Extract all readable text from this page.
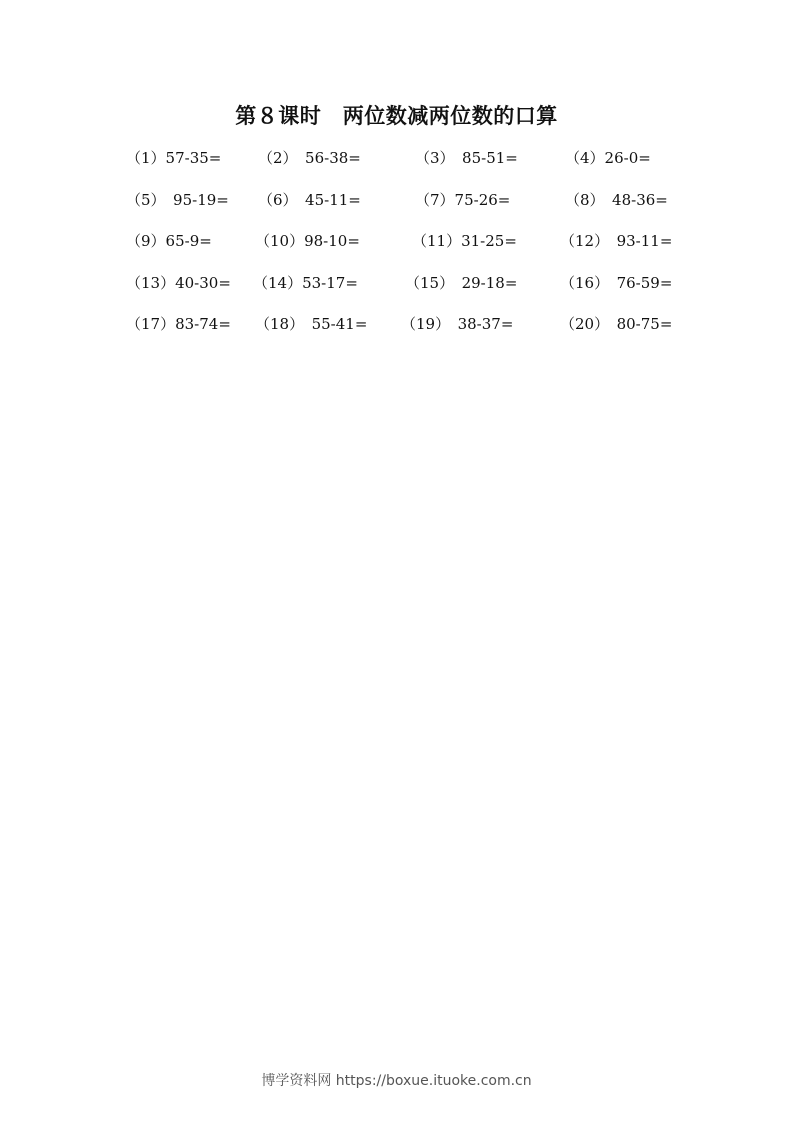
第８课时　两位数减两位数的口算
（1）57-35= （2）　56-38=	（3）　85-51=	（4）26-0=
（5）　95-19= （6）　45-11=	（7）75-26=	（8）　48-36=
（9）65-9=	（10）98-10=	（11）31-25=	（12）　93-11=
（13）40-30= （14）53-17=	（15）　29-18=	（16）　76-59=
（17）83-74= （18）　55-41= （19）　38-37=	（20）　80-75=
博学资料网 https://boxue.ituoke.com.cn
